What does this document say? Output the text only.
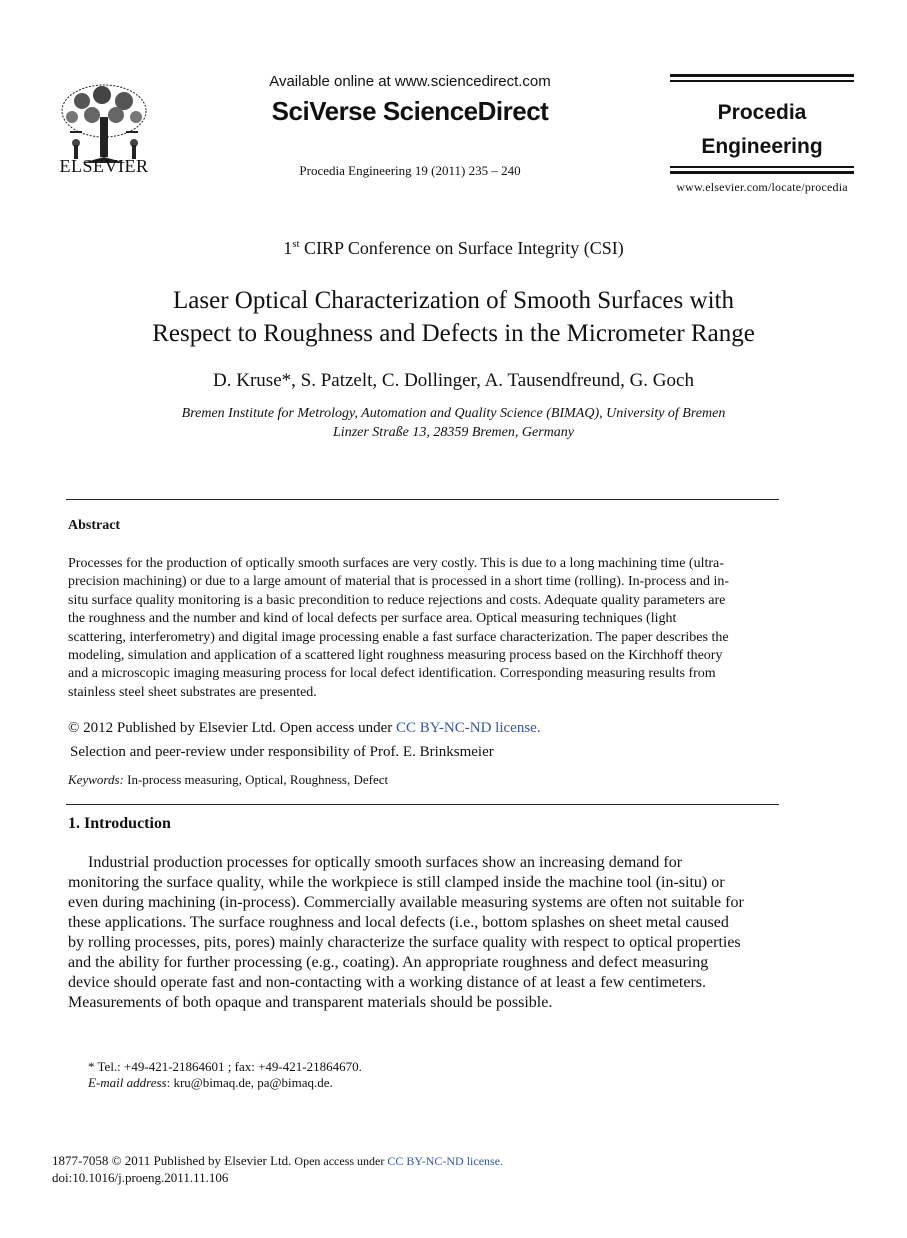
ELSEVIER
Available online at www.sciencedirect.com
SciVerse ScienceDirect
Procedia Engineering 19 (2011) 235 – 240
Procedia
Engineering
www.elsevier.com/locate/procedia
1st CIRP Conference on Surface Integrity (CSI)
Laser Optical Characterization of Smooth Surfaces with
Respect to Roughness and Defects in the Micrometer Range
D. Kruse*, S. Patzelt, C. Dollinger, A. Tausendfreund, G. Goch
Bremen Institute for Metrology, Automation and Quality Science (BIMAQ), University of Bremen
Linzer Straße 13, 28359 Bremen, Germany
Abstract
Processes for the production of optically smooth surfaces are very costly. This is due to a long machining time (ultra-
precision machining) or due to a large amount of material that is processed in a short time (rolling). In-process and in-
situ surface quality monitoring is a basic precondition to reduce rejections and costs. Adequate quality parameters are
the roughness and the number and kind of local defects per surface area. Optical measuring techniques (light
scattering, interferometry) and digital image processing enable a fast surface characterization. The paper describes the
modeling, simulation and application of a scattered light roughness measuring process based on the Kirchhoff theory
and a microscopic imaging measuring process for local defect identification. Corresponding measuring results from
stainless steel sheet substrates are presented.
© 2012 Published by Elsevier Ltd. Open access under CC BY-NC-ND license.
Selection and peer-review under responsibility of Prof. E. Brinksmeier
Keywords: In-process measuring, Optical, Roughness, Defect
1. Introduction
Industrial production processes for optically smooth surfaces show an increasing demand for
monitoring the surface quality, while the workpiece is still clamped inside the machine tool (in-situ) or
even during machining (in-process). Commercially available measuring systems are often not suitable for
these applications. The surface roughness and local defects (i.e., bottom splashes on sheet metal caused
by rolling processes, pits, pores) mainly characterize the surface quality with respect to optical properties
and the ability for further processing (e.g., coating). An appropriate roughness and defect measuring
device should operate fast and non-contacting with a working distance of at least a few centimeters.
Measurements of both opaque and transparent materials should be possible.
* Tel.: +49-421-21864601 ; fax: +49-421-21864670.
E-mail address: kru@bimaq.de, pa@bimaq.de.
1877-7058 © 2011 Published by Elsevier Ltd. Open access under CC BY-NC-ND license.
doi:10.1016/j.proeng.2011.11.106
